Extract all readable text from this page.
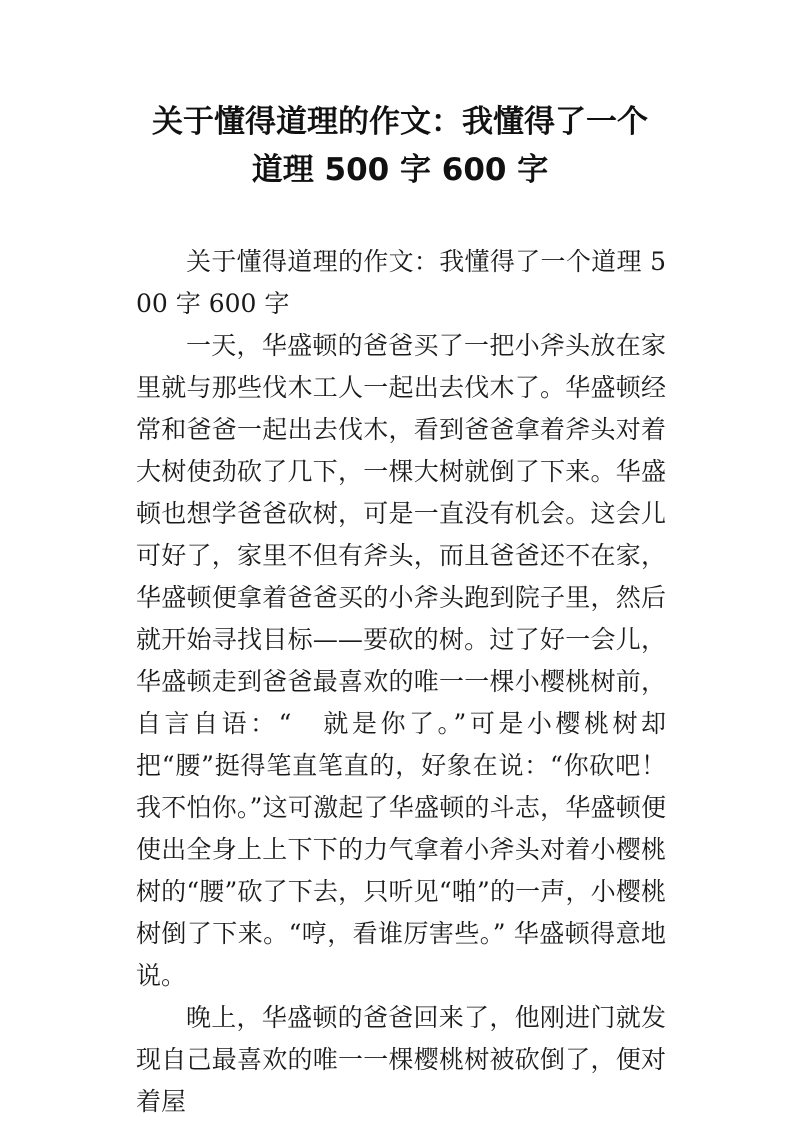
关于懂得道理的作文：我懂得了一个
道理 500 字 600 字

关于懂得道理的作文：我懂得了一个道理 500 字 600 字

一天，华盛顿的爸爸买了一把小斧头放在家里就与那些伐木工人一起出去伐木了。华盛顿经常和爸爸一起出去伐木，看到爸爸拿着斧头对着大树使劲砍了几下，一棵大树就倒了下来。华盛顿也想学爸爸砍树，可是一直没有机会。这会儿可好了，家里不但有斧头，而且爸爸还不在家，华盛顿便拿着爸爸买的小斧头跑到院子里，然后就开始寻找目标——要砍的树。过了好一会儿，华盛顿走到爸爸最喜欢的唯一一棵小樱桃树前，自言自语：“　就是你了。”可是小樱桃树却把“腰”挺得笔直笔直的，好象在说：“你砍吧！我不怕你。”这可激起了华盛顿的斗志，华盛顿便使出全身上上下下的力气拿着小斧头对着小樱桃树的“腰”砍了下去，只听见“啪”的一声，小樱桃树倒了下来。“哼，看谁厉害些。” 华盛顿得意地说。

晚上，华盛顿的爸爸回来了，他刚进门就发现自己最喜欢的唯一一棵樱桃树被砍倒了，便对着屋
